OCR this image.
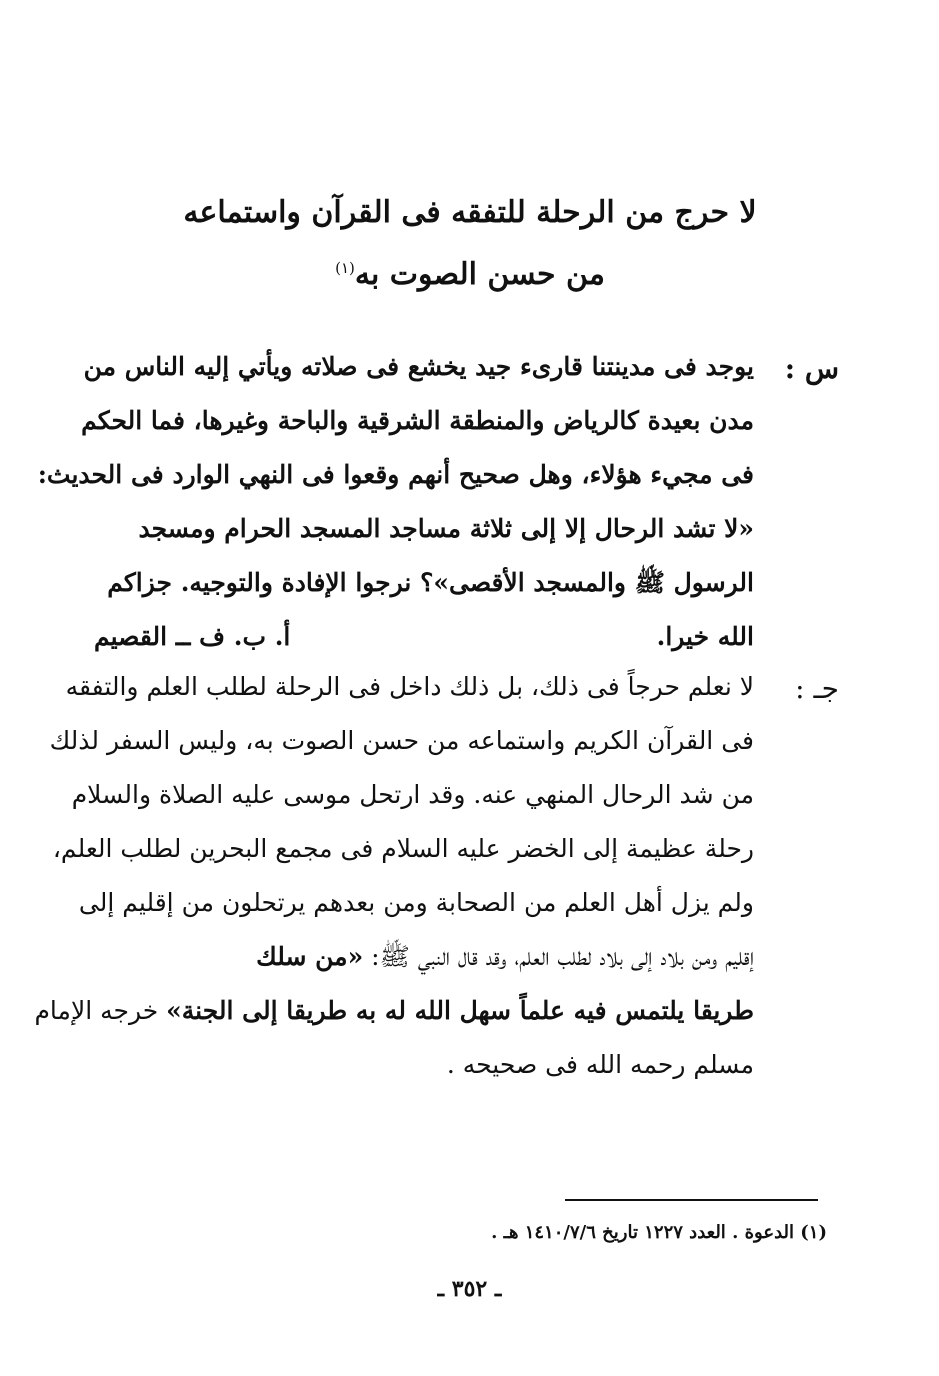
لا حرج من الرحلة للتفقه فى القرآن واستماعه
من حسن الصوت به$^{(١)}$
س :
يوجد فى مدينتنا قارىء جيد يخشع فى صلاته ويأتي إليه الناس من
مدن بعيدة كالرياض والمنطقة الشرقية والباحة وغيرها، فما الحكم
فى مجيء هؤلاء، وهل صحيح أنهم وقعوا فى النهي الوارد فى الحديث:
«لا تشد الرحال إلا إلى ثلاثة مساجد المسجد الحرام ومسجد
الرسول ﷺ والمسجد الأقصى»؟ نرجوا الإفادة والتوجيه. جزاكم
الله خيرا.
أ. ب. ف ــ القصيم
جـ :
لا نعلم حرجاً فى ذلك، بل ذلك داخل فى الرحلة لطلب العلم والتفقه
فى القرآن الكريم واستماعه من حسن الصوت به، وليس السفر لذلك
من شد الرحال المنهي عنه. وقد ارتحل موسى عليه الصلاة والسلام
رحلة عظيمة إلى الخضر عليه السلام فى مجمع البحرين لطلب العلم،
ولم يزل أهل العلم من الصحابة ومن بعدهم يرتحلون من إقليم إلى
إقليم ومن بلاد إلى بلاد لطلب العلم، وقد قال النبي ﷺ: «من سلك
طريقا يلتمس فيه علماً سهل الله له به طريقا إلى الجنة» خرجه الإمام
مسلم رحمه الله فى صحيحه .
(١) الدعوة . العدد ١٢٢٧ تاريخ ١٤١٠/٧/٦ هـ .
ـ ٣٥٢ ـ
